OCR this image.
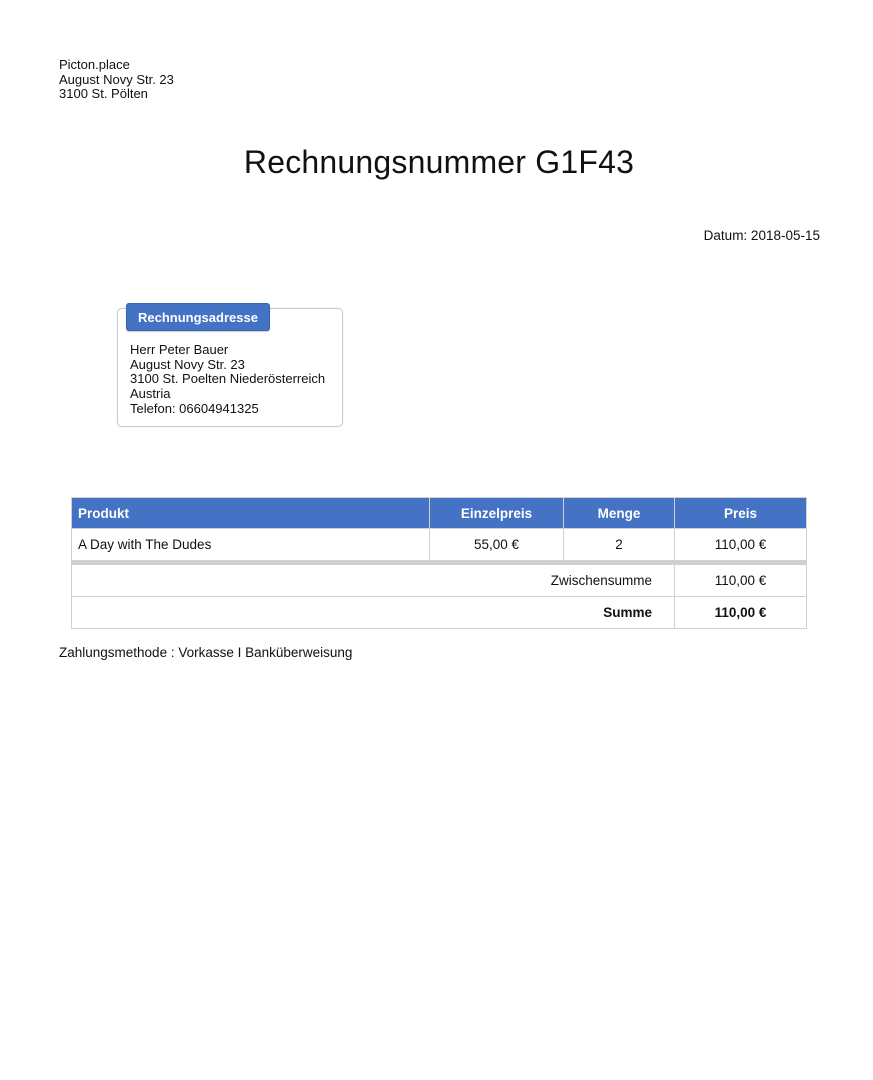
Picton.place
August Novy Str. 23
3100 St. Pölten
Rechnungsnummer G1F43
Datum: 2018-05-15
Rechnungsadresse
Herr Peter Bauer
August Novy Str. 23
3100 St. Poelten Niederösterreich
Austria
Telefon: 06604941325
Produkt	Einzelpreis	Menge	Preis
A Day with The Dudes	55,00 €	2	110,00 €
Zwischensumme			110,00 €
Summe			110,00 €
Zahlungsmethode : Vorkasse I Banküberweisung
